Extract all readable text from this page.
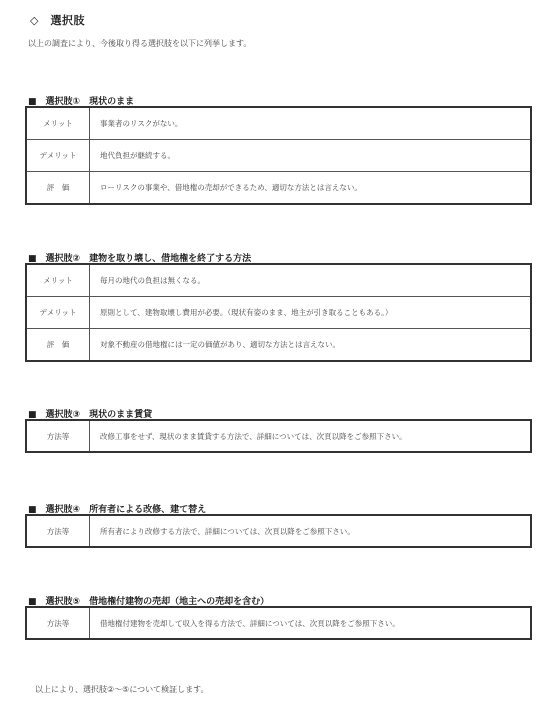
◇　選択肢
以上の調査により、今後取り得る選択肢を以下に列挙します。
■　選択肢①　現状のまま
メリット	事業者のリスクがない。
デメリット	地代負担が継続する。
評　価	ローリスクの事業や、借地権の売却ができるため、適切な方法とは言えない。
■　選択肢②　建物を取り壊し、借地権を終了する方法
メリット	毎月の地代の負担は無くなる。
デメリット	原則として、建物取壊し費用が必要。（現状有姿のまま、地主が引き取ることもある。）
評　価	対象不動産の借地権には一定の価値があり、適切な方法とは言えない。
■　選択肢③　現状のまま賃貸
方法等	改修工事をせず、現状のまま賃貸する方法で、詳細については、次頁以降をご参照下さい。
■　選択肢④　所有者による改修、建て替え
方法等	所有者により改修する方法で、詳細については、次頁以降をご参照下さい。
■　選択肢⑤　借地権付建物の売却（地主への売却を含む）
方法等	借地権付建物を売却して収入を得る方法で、詳細については、次頁以降をご参照下さい。
以上により、選択肢②～⑤について検証します。
